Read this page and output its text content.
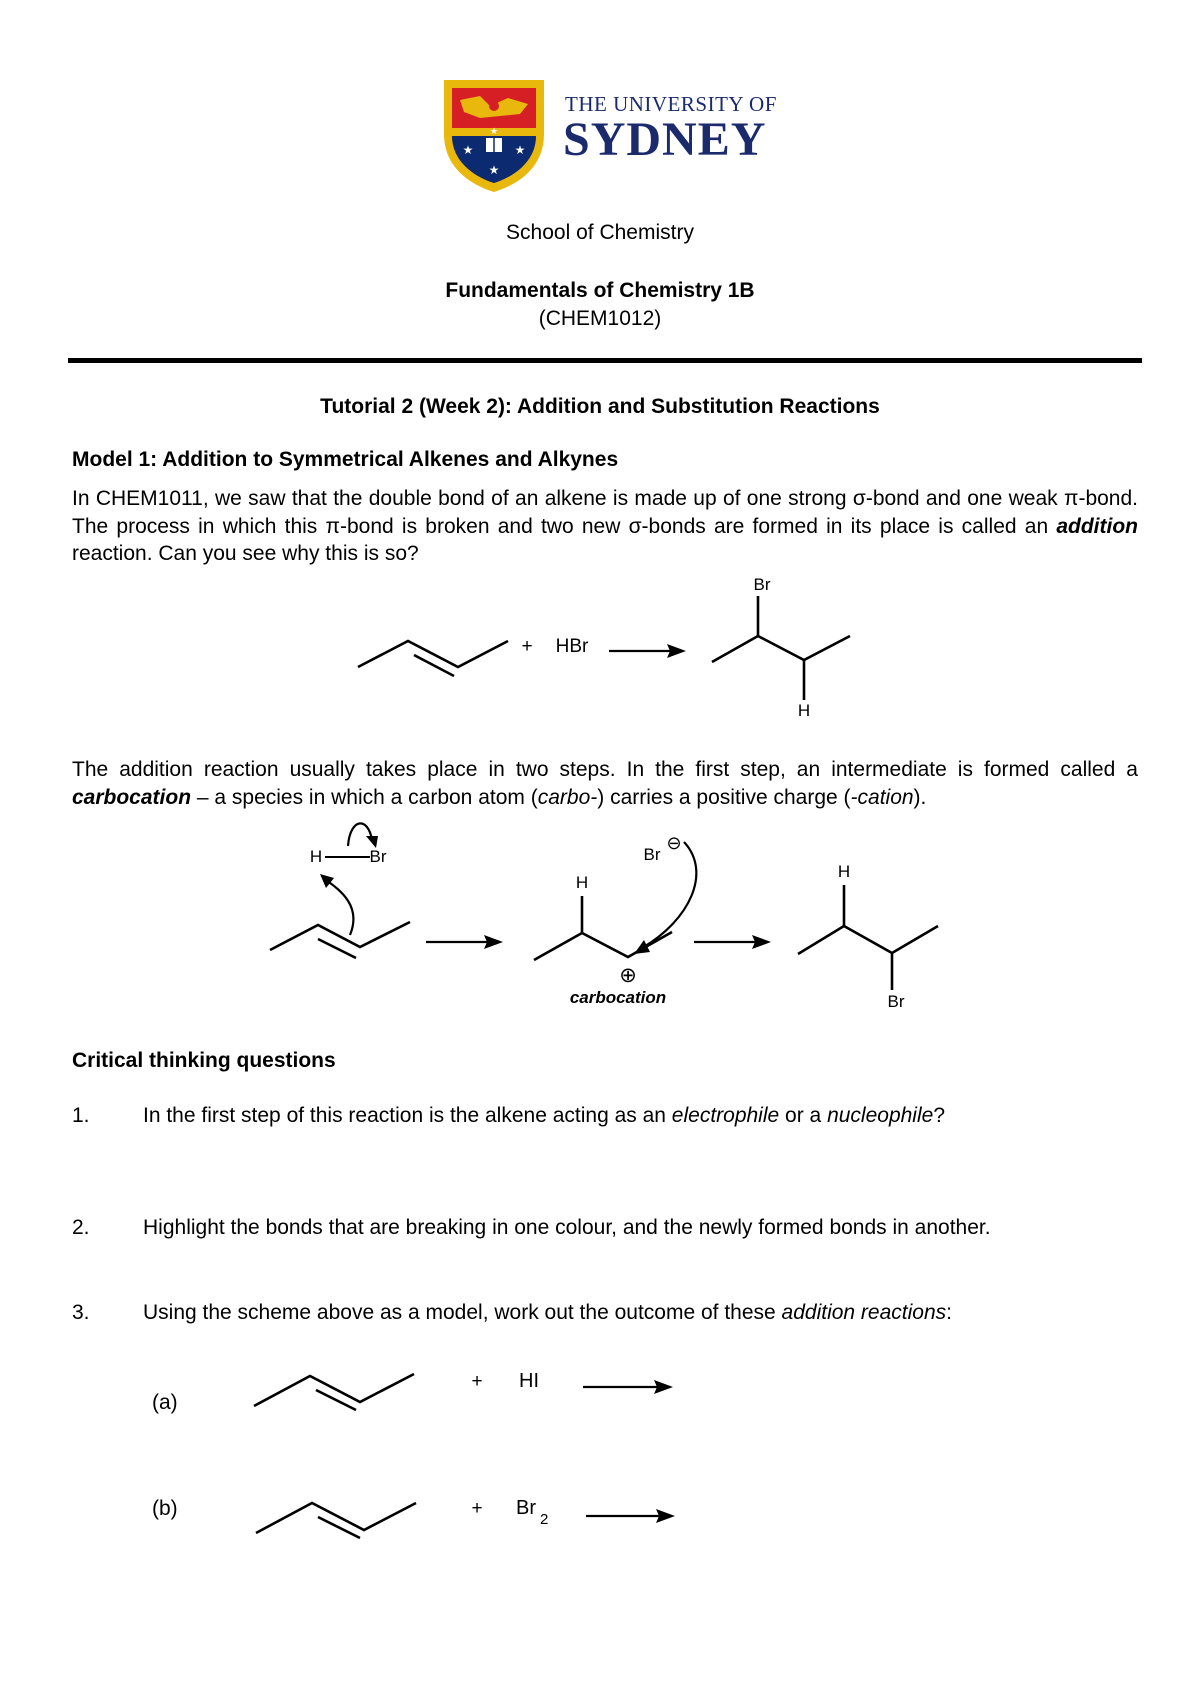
★	★
★
★
THE UNIVERSITY OF
SYDNEY
School of Chemistry
Fundamentals of Chemistry 1B
(CHEM1012)
Tutorial 2 (Week 2): Addition and Substitution Reactions
Model 1: Addition to Symmetrical Alkenes and Alkynes
In CHEM1011, we saw that the double bond of an alkene is made up of one strong σ-bond and one weak π-bond. The process in which this π-bond is broken and two new σ-bonds are formed in its place is called an addition reaction. Can you see why this is so?
+ HBr
Br
H
The addition reaction usually takes place in two steps. In the first step, an intermediate is formed called a carbocation – a species in which a carbon atom (carbo-) carries a positive charge (-cation).
H	Br
H
⊕
carbocation
Br
⊖
H
Br
Critical thinking questions
1.	In the first step of this reaction is the alkene acting as an electrophile or a nucleophile?
2.	Highlight the bonds that are breaking in one colour, and the newly formed bonds in another.
3.	Using the scheme above as a model, work out the outcome of these addition reactions:
(a)
+ HI
(b)	+ Br
2
